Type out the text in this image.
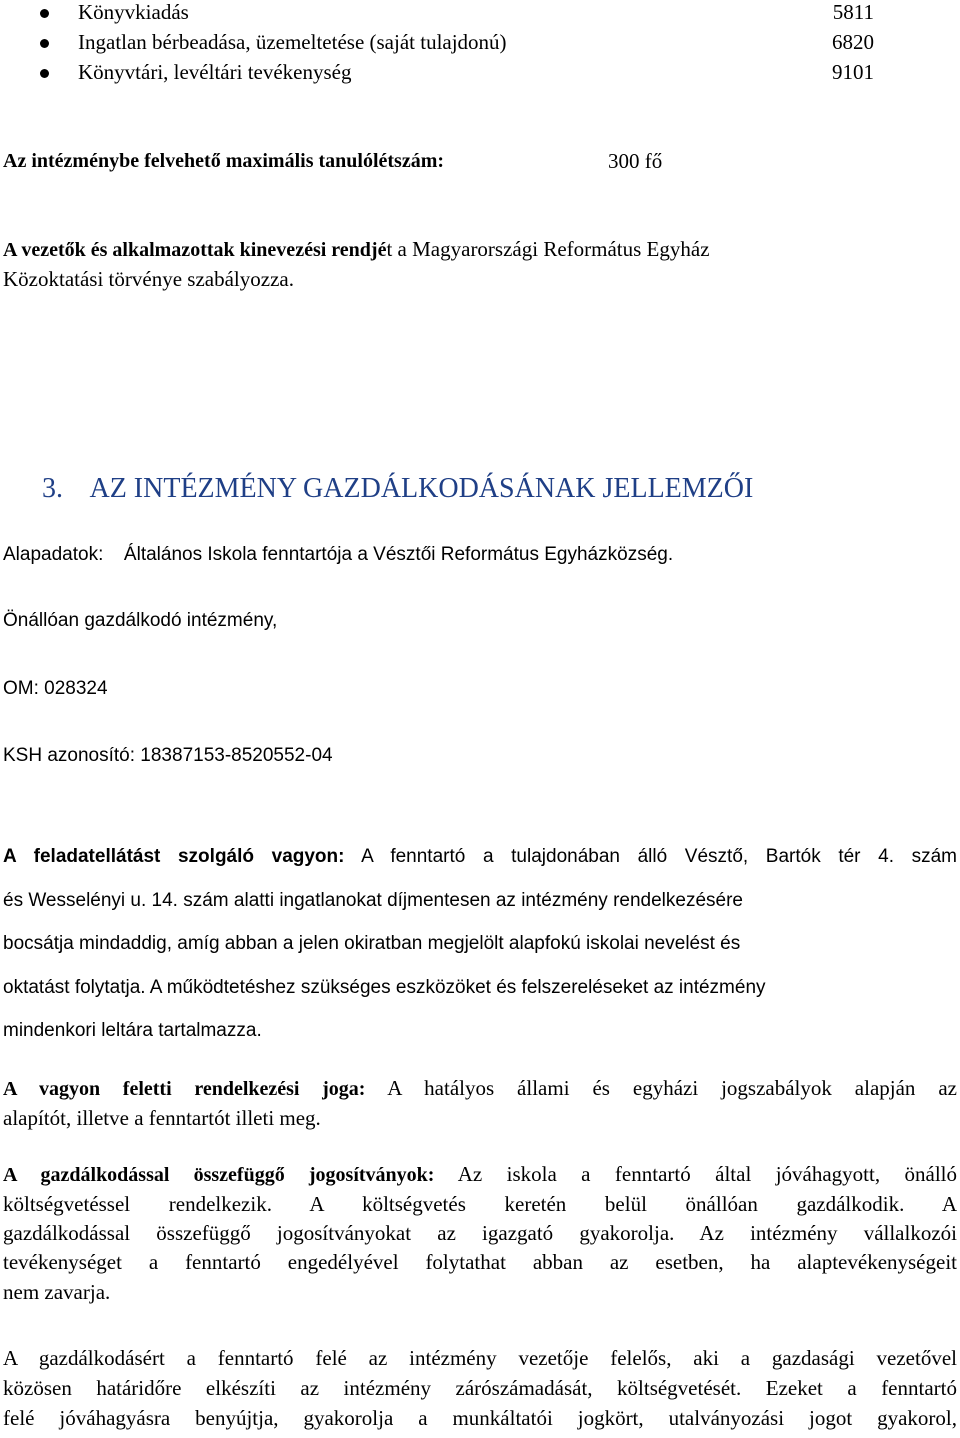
Könyvkiadás	5811
Ingatlan bérbeadása, üzemeltetése (saját tulajdonú)	6820
Könyvtári, levéltári tevékenység	9101
Az intézménybe felvehető maximális tanulólétszám:	300 fő
A vezetők és alkalmazottak kinevezési rendjét a Magyarországi Református Egyház
Közoktatási törvénye szabályozza.
3. AZ INTÉZMÉNY GAZDÁLKODÁSÁNAK JELLEMZŐI
Alapadatok: Általános Iskola fenntartója a Vésztői Református Egyházközség.
Önállóan gazdálkodó intézmény,
OM: 028324
KSH azonosító: 18387153-8520552-04
A feladatellátást szolgáló vagyon: A fenntartó a tulajdonában álló Vésztő, Bartók tér 4. szám
és Wesselényi u. 14. szám alatti ingatlanokat díjmentesen az intézmény rendelkezésére
bocsátja mindaddig, amíg abban a jelen okiratban megjelölt alapfokú iskolai nevelést és
oktatást folytatja. A működtetéshez szükséges eszközöket és felszereléseket az intézmény
mindenkori leltára tartalmazza.
A vagyon feletti rendelkezési joga: A hatályos állami és egyházi jogszabályok alapján az
alapítót, illetve a fenntartót illeti meg.
A gazdálkodással összefüggő jogosítványok: Az iskola a fenntartó által jóváhagyott, önálló
költségvetéssel rendelkezik. A költségvetés keretén belül önállóan gazdálkodik. A
gazdálkodással összefüggő jogosítványokat az igazgató gyakorolja. Az intézmény vállalkozói
tevékenységet a fenntartó engedélyével folytathat abban az esetben, ha alaptevékenységeit
nem zavarja.
A gazdálkodásért a fenntartó felé az intézmény vezetője felelős, aki a gazdasági vezetővel
közösen határidőre elkészíti az intézmény zárószámadását, költségvetését. Ezeket a fenntartó
felé jóváhagyásra benyújtja, gyakorolja a munkáltatói jogkört, utalványozási jogot gyakorol,
